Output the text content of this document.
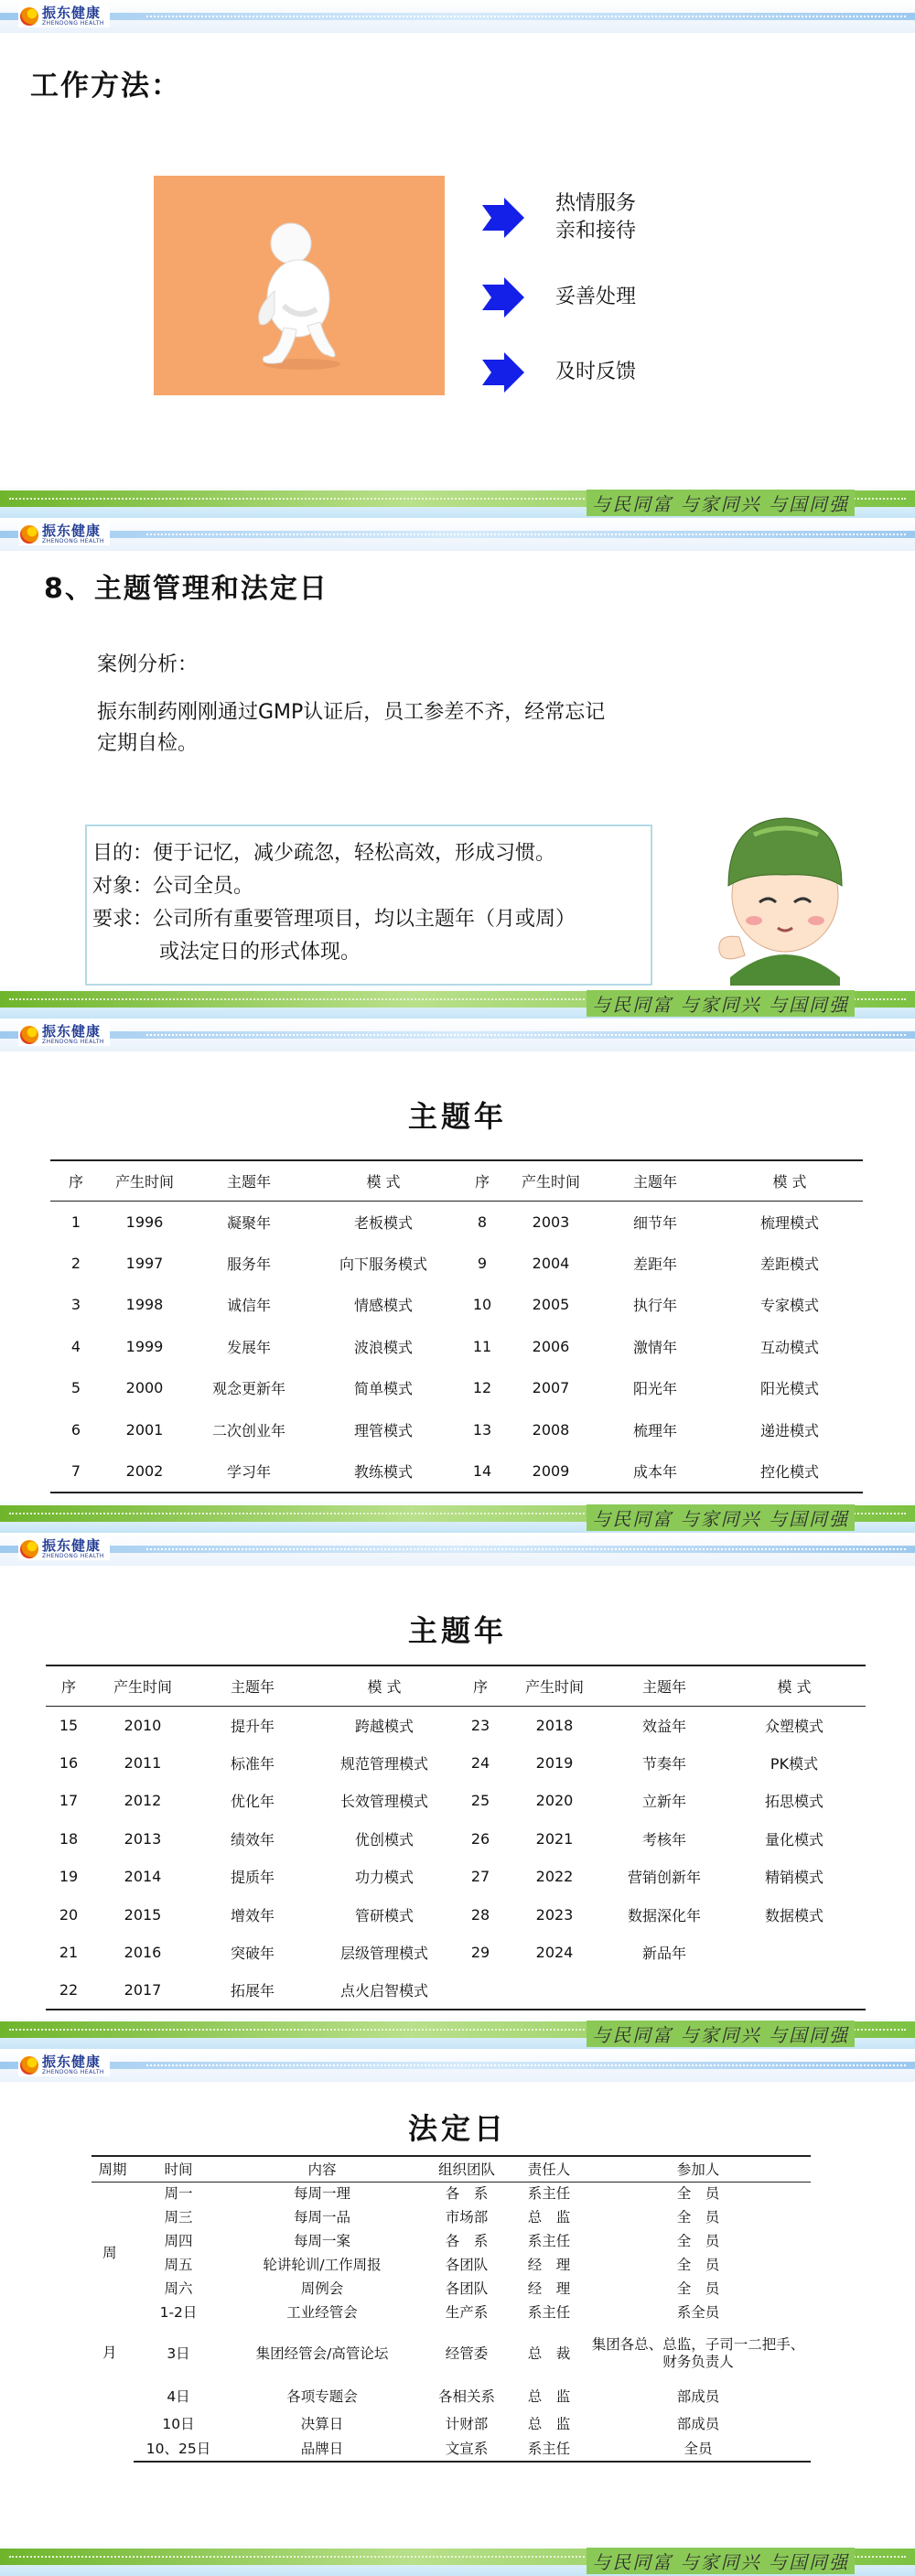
振东健康
ZHENDONG HEALTH
工作方法：
热情服务
亲和接待
妥善处理
及时反馈
与民同富 与家同兴 与国同强
振东健康
ZHENDONG HEALTH
8、主题管理和法定日
案例分析：
振东制药刚刚通过GMP认证后，员工参差不齐，经常忘记
定期自检。
目的：便于记忆，减少疏忽，轻松高效，形成习惯。
对象：公司全员。
要求：公司所有重要管理项目，均以主题年（月或周）
或法定日的形式体现。
与民同富 与家同兴 与国同强
振东健康
ZHENDONG HEALTH
主题年
序	产生时间	主题年	模 式	序	产生时间	主题年	模 式
1	1996	凝聚年	老板模式	8	2003	细节年	梳理模式
2	1997	服务年	向下服务模式	9	2004	差距年	差距模式
3	1998	诚信年	情感模式	10	2005	执行年	专家模式
4	1999	发展年	波浪模式	11	2006	激情年	互动模式
5	2000	观念更新年	简单模式	12	2007	阳光年	阳光模式
6	2001	二次创业年	理管模式	13	2008	梳理年	递进模式
7	2002	学习年	教练模式	14	2009	成本年	控化模式
与民同富 与家同兴 与国同强
振东健康
ZHENDONG HEALTH
主题年
序	产生时间	主题年	模 式	序	产生时间	主题年	模 式
15	2010	提升年	跨越模式	23	2018	效益年	众塑模式
16	2011	标准年	规范管理模式	24	2019	节奏年	PK模式
17	2012	优化年	长效管理模式	25	2020	立新年	拓思模式
18	2013	绩效年	优创模式	26	2021	考核年	量化模式
19	2014	提质年	功力模式	27	2022	营销创新年	精销模式
20	2015	增效年	管研模式	28	2023	数据深化年	数据模式
21	2016	突破年	层级管理模式	29	2024	新品年	
22	2017	拓展年	点火启智模式				
与民同富 与家同兴 与国同强
振东健康
ZHENDONG HEALTH
法定日
周期	时间	内容	组织团队	责任人	参加人
周	周一	每周一理	各　系	系主任	全　员
	周三	每周一品	市场部	总　监	全　员
	周四	每周一案	各　系	系主任	全　员
	周五	轮讲轮训/工作周报	各团队	经　理	全　员
	周六	周例会	各团队	经　理	全　员
	1-2日	工业经管会	生产系	系主任	系全员
月	3日	集团经管会/高管论坛	经管委	总　裁	集团各总、总监，子司一二把手、财务负责人
	4日	各项专题会	各相关系	总　监	部成员
	10日	决算日	计财部	总　监	部成员
	10、25日	品牌日	文宣系	系主任	全员
与民同富 与家同兴 与国同强
